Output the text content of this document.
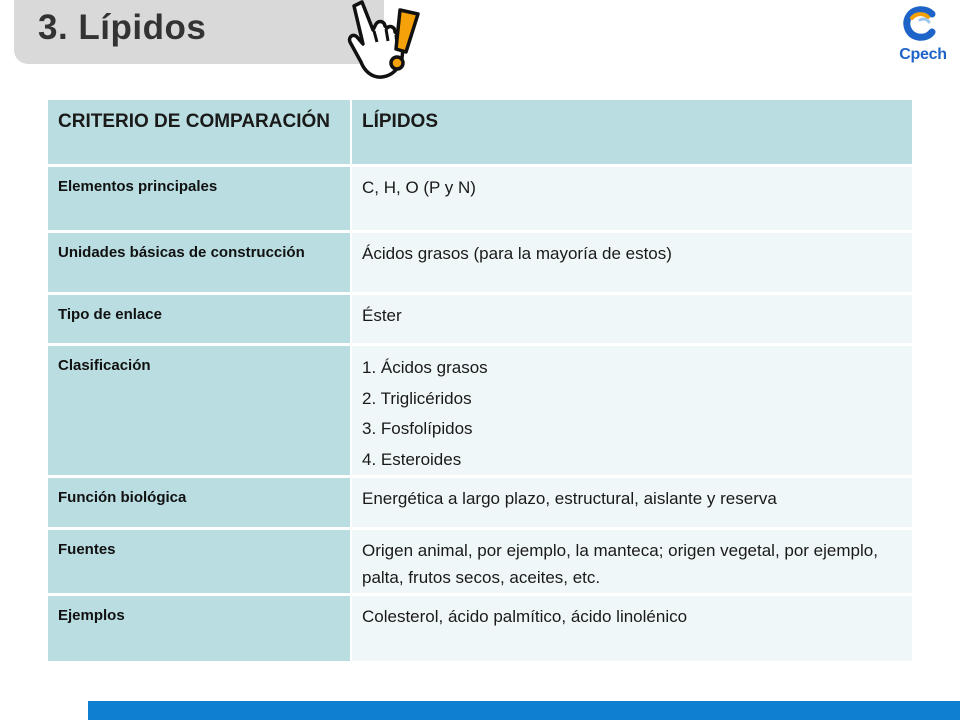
3. Lípidos
Cpech
CRITERIO DE COMPARACIÓN	LÍPIDOS
Elementos principales	C, H, O (P y N)
Unidades básicas de construcción	Ácidos grasos (para la mayoría de estos)
Tipo de enlace	Éster
Clasificación	1. Ácidos grasos
2. Triglicéridos
3. Fosfolípidos
4. Esteroides

Función biológica	Energética a largo plazo, estructural, aislante y reserva
Fuentes	Origen animal, por ejemplo, la manteca; origen vegetal, por ejemplo, palta, frutos secos, aceites, etc.
Ejemplos	Colesterol, ácido palmítico, ácido linolénico
